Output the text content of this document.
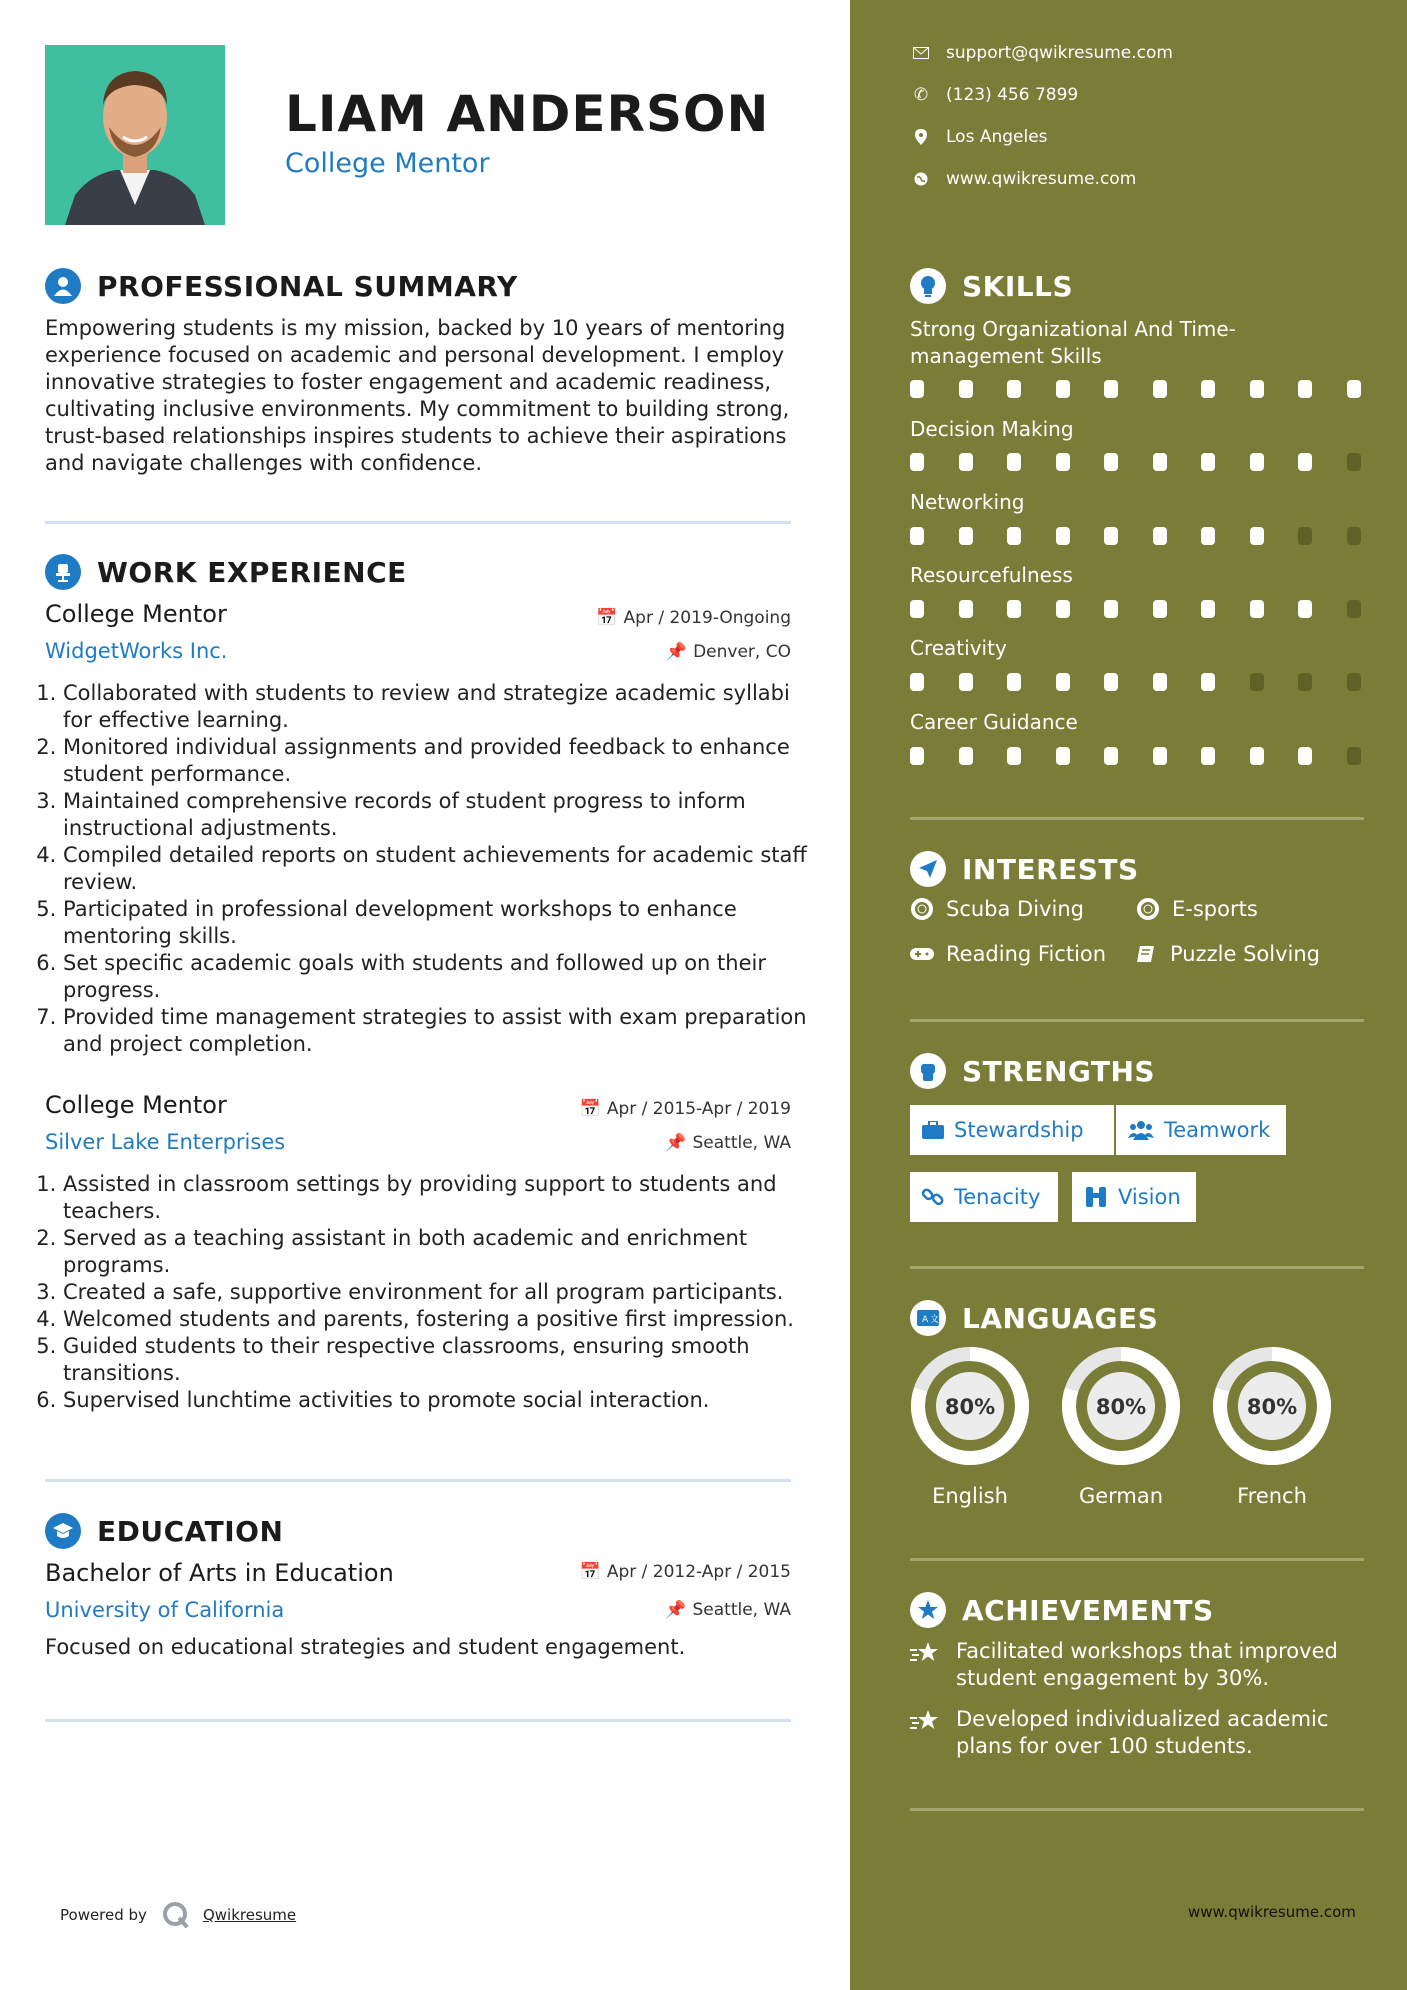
LIAM ANDERSON
College Mentor
PROFESSIONAL SUMMARY
Empowering students is my mission, backed by 10 years of mentoring experience focused on academic and personal development. I employ innovative strategies to foster engagement and academic readiness, cultivating inclusive environments. My commitment to building strong, trust-based relationships inspires students to achieve their aspirations and navigate challenges with confidence.
WORK EXPERIENCE
College Mentor	📅 Apr / 2019-Ongoing
WidgetWorks Inc.	📌 Denver, CO
1. Collaborated with students to review and strategize academic syllabi for effective learning.
2. Monitored individual assignments and provided feedback to enhance student performance.
3. Maintained comprehensive records of student progress to inform instructional adjustments.
4. Compiled detailed reports on student achievements for academic staff review.
5. Participated in professional development workshops to enhance mentoring skills.
6. Set specific academic goals with students and followed up on their progress.
7. Provided time management strategies to assist with exam preparation and project completion.
College Mentor	📅 Apr / 2015-Apr / 2019
Silver Lake Enterprises	📌 Seattle, WA
1. Assisted in classroom settings by providing support to students and teachers.
2. Served as a teaching assistant in both academic and enrichment programs.
3. Created a safe, supportive environment for all program participants.
4. Welcomed students and parents, fostering a positive first impression.
5. Guided students to their respective classrooms, ensuring smooth transitions.
6. Supervised lunchtime activities to promote social interaction.
EDUCATION
Bachelor of Arts in Education	📅 Apr / 2012-Apr / 2015
University of California	📌 Seattle, WA
Focused on educational strategies and student engagement.
Powered by	Qwikresume
support@qwikresume.com
✆ (123) 456 7899
Los Angeles
www.qwikresume.com
SKILLS
Strong Organizational And Time-management Skills
Decision Making
Networking
Resourcefulness
Creativity
Career Guidance
INTERESTS
Scuba Diving	E-sports
Reading Fiction	Puzzle Solving
STRENGTHS
Stewardship	Teamwork
Tenacity	Vision
A 文 LANGUAGES
80%
English
80%
German
80%
French
ACHIEVEMENTS
Facilitated workshops that improved student engagement by 30%.
Developed individualized academic plans for over 100 students.
www.qwikresume.com
